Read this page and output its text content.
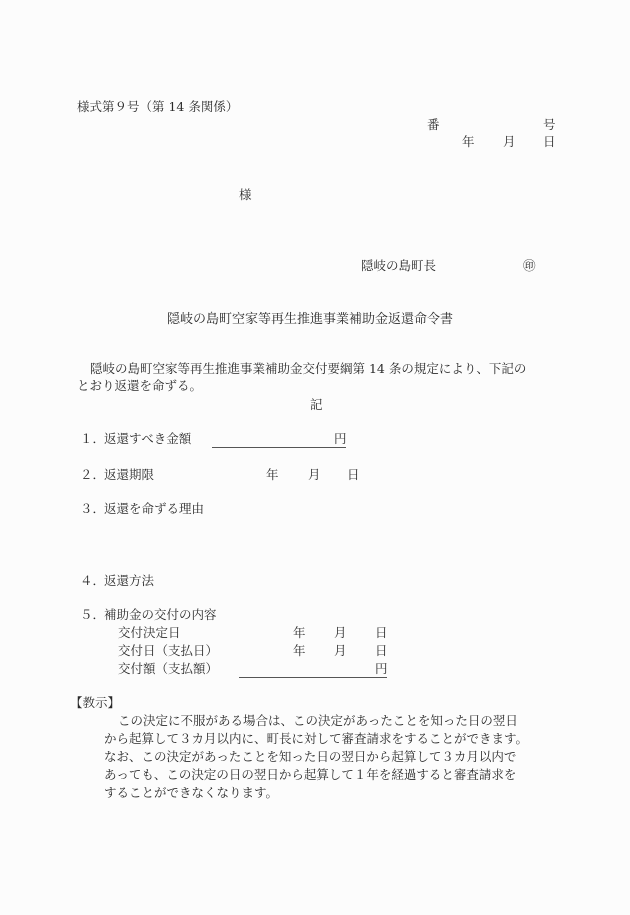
様式第９号（第 14 条関係）
番	号
年 月 日
様
隠岐の島町長	㊞
隠岐の島町空家等再生推進事業補助金返還命令書
隠岐の島町空家等再生推進事業補助金交付要綱第 14 条の規定により、下記の
とおり返還を命ずる。
記
１．
返還すべき金額	円
２．
返還期限	年 月 日
３．
返還を命ずる理由
４．
返還方法
５．
補助金の交付の内容
交付決定日	年 月 日
交付日（支払日）	年 月 日
交付額（支払額）	円
【教示】
この決定に不服がある場合は、この決定があったことを知った日の翌日
から起算して３カ月以内に、町長に対して審査請求をすることができます。
なお、この決定があったことを知った日の翌日から起算して３カ月以内で
あっても、この決定の日の翌日から起算して１年を経過すると審査請求を
することができなくなります。
